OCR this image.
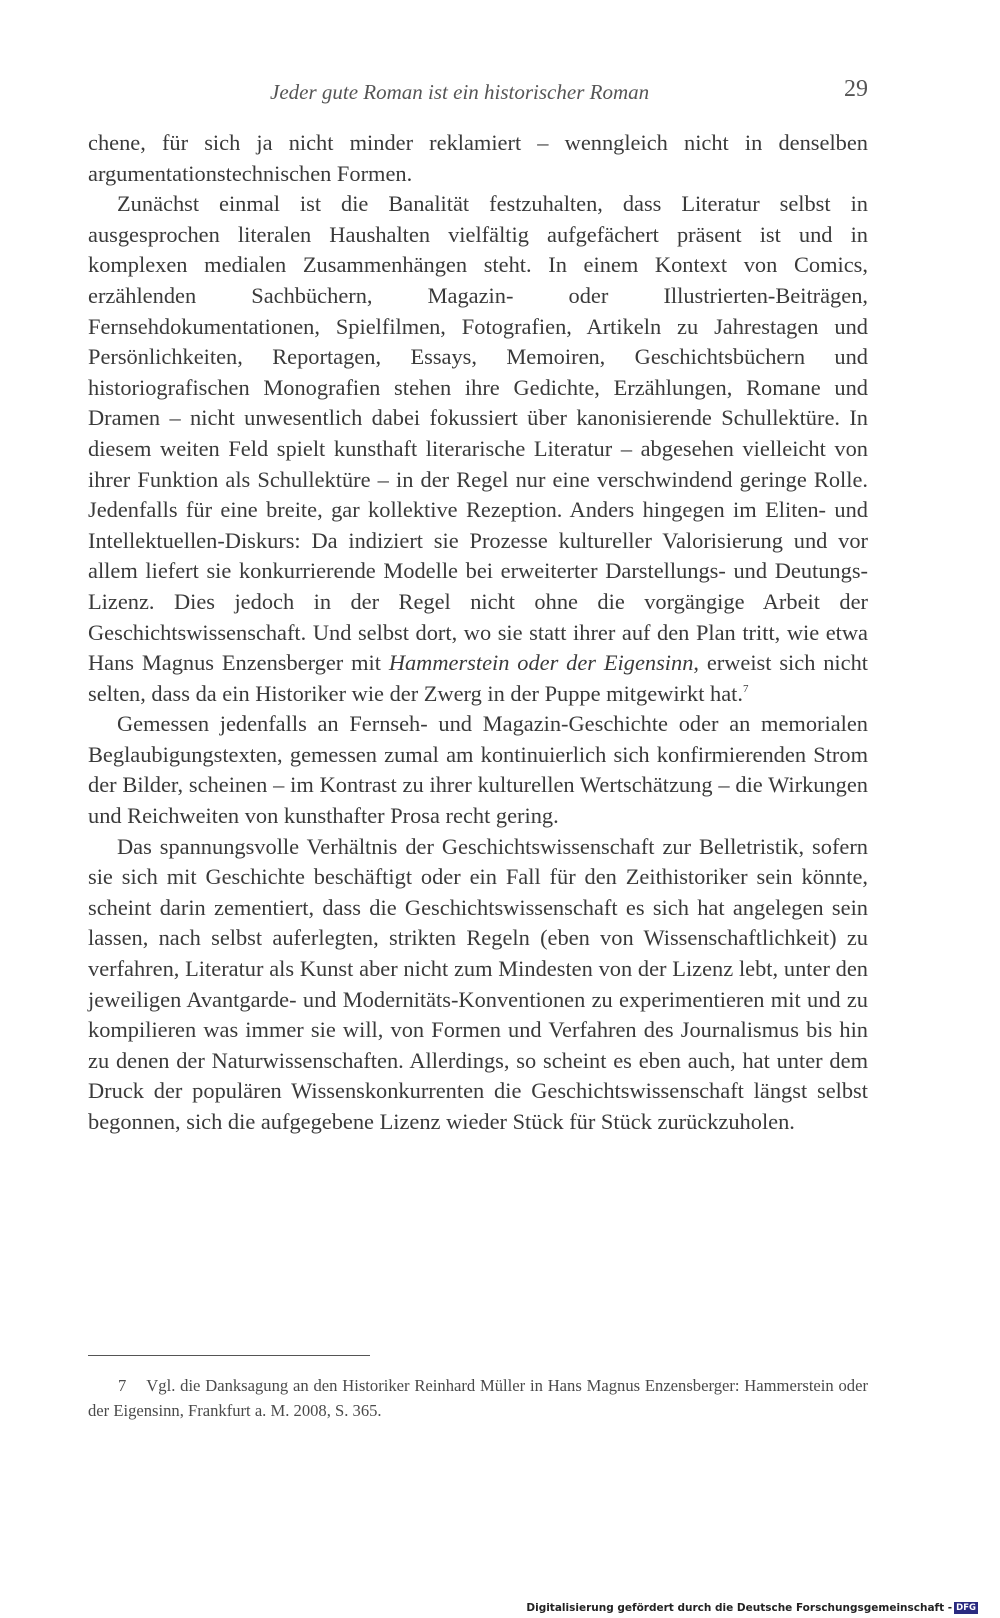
Jeder gute Roman ist ein historischer Roman	29

chene, für sich ja nicht minder reklamiert – wenngleich nicht in denselben argumentationstechnischen Formen.

Zunächst einmal ist die Banalität festzuhalten, dass Literatur selbst in ausgesprochen literalen Haushalten vielfältig aufgefächert präsent ist und in komplexen medialen Zusammenhängen steht. In einem Kontext von Comics, erzählenden Sachbüchern, Magazin- oder Illustrierten-Beiträgen, Fernsehdokumentationen, Spielfilmen, Fotografien, Artikeln zu Jahrestagen und Persönlichkeiten, Reportagen, Essays, Memoiren, Geschichtsbüchern und historiografischen Monografien stehen ihre Gedichte, Erzählungen, Romane und Dramen – nicht unwesentlich dabei fokussiert über kanonisierende Schullektüre. In diesem weiten Feld spielt kunsthaft literarische Literatur – abgesehen vielleicht von ihrer Funktion als Schullektüre – in der Regel nur eine verschwindend geringe Rolle. Jedenfalls für eine breite, gar kollektive Rezeption. Anders hingegen im Eliten- und Intellektuellen-Diskurs: Da indiziert sie Prozesse kultureller Valorisierung und vor allem liefert sie konkurrierende Modelle bei erweiterter Darstellungs- und Deutungs-Lizenz. Dies jedoch in der Regel nicht ohne die vorgängige Arbeit der Geschichtswissenschaft. Und selbst dort, wo sie statt ihrer auf den Plan tritt, wie etwa Hans Magnus Enzensberger mit Hammerstein oder der Eigensinn, erweist sich nicht selten, dass da ein Historiker wie der Zwerg in der Puppe mitgewirkt hat.$^7$

Gemessen jedenfalls an Fernseh- und Magazin-Geschichte oder an memorialen Beglaubigungstexten, gemessen zumal am kontinuierlich sich konfirmierenden Strom der Bilder, scheinen – im Kontrast zu ihrer kulturellen Wertschätzung – die Wirkungen und Reichweiten von kunsthafter Prosa recht gering.

Das spannungsvolle Verhältnis der Geschichtswissenschaft zur Belletristik, sofern sie sich mit Geschichte beschäftigt oder ein Fall für den Zeithistoriker sein könnte, scheint darin zementiert, dass die Geschichtswissenschaft es sich hat angelegen sein lassen, nach selbst auferlegten, strikten Regeln (eben von Wissenschaftlichkeit) zu verfahren, Literatur als Kunst aber nicht zum Mindesten von der Lizenz lebt, unter den jeweiligen Avantgarde- und Modernitäts-Konventionen zu experimentieren mit und zu kompilieren was immer sie will, von Formen und Verfahren des Journalismus bis hin zu denen der Naturwissenschaften. Allerdings, so scheint es eben auch, hat unter dem Druck der populären Wissenskonkurrenten die Geschichtswissenschaft längst selbst begonnen, sich die aufgegebene Lizenz wieder Stück für Stück zurückzuholen.

7 Vgl. die Danksagung an den Historiker Reinhard Müller in Hans Magnus Enzensberger: Hammerstein oder der Eigensinn, Frankfurt a. M. 2008, S. 365.

Digitalisierung gefördert durch die Deutsche Forschungsgemeinschaft - DFG
